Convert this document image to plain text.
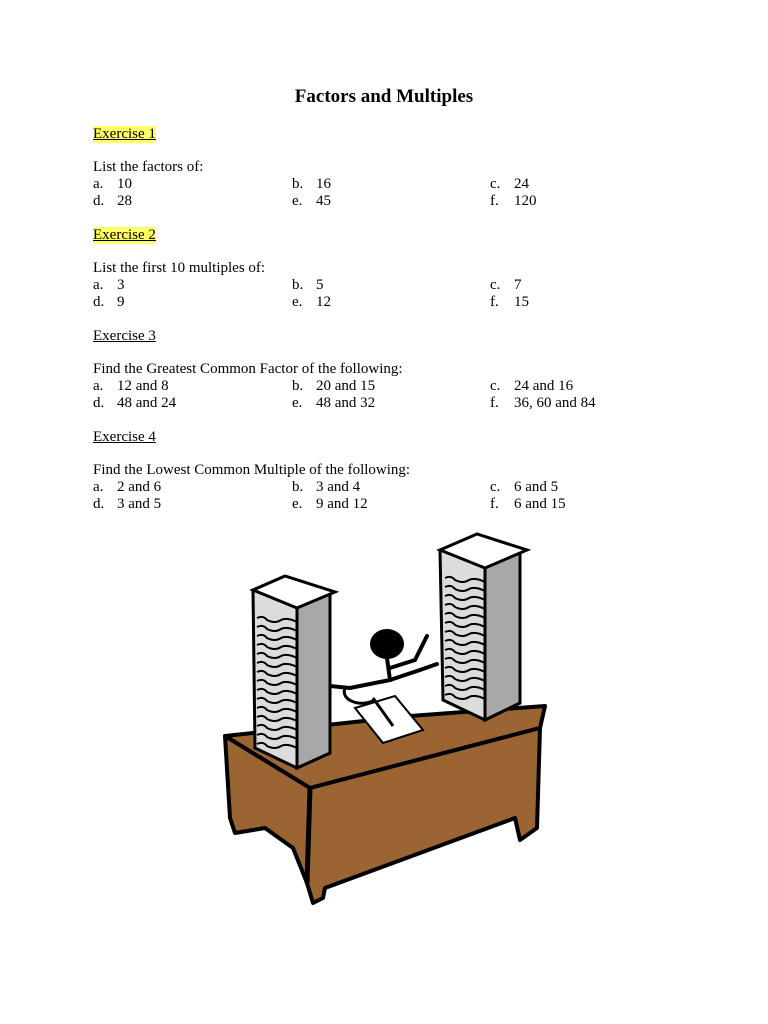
Factors and Multiples
Exercise 1
List the factors of:
a. 10	b. 16	c. 24
d. 28	e. 45	f. 120
Exercise 2
List the first 10 multiples of:
a. 3	b. 5	c. 7
d. 9	e. 12	f. 15
Exercise 3
Find the Greatest Common Factor of the following:
a. 12 and 8	b. 20 and 15	c. 24 and 16
d. 48 and 24	e. 48 and 32	f. 36, 60 and 84
Exercise 4
Find the Lowest Common Multiple of the following:
a. 2 and 6	b. 3 and 4	c. 6 and 5
d. 3 and 5	e. 9 and 12	f. 6 and 15
